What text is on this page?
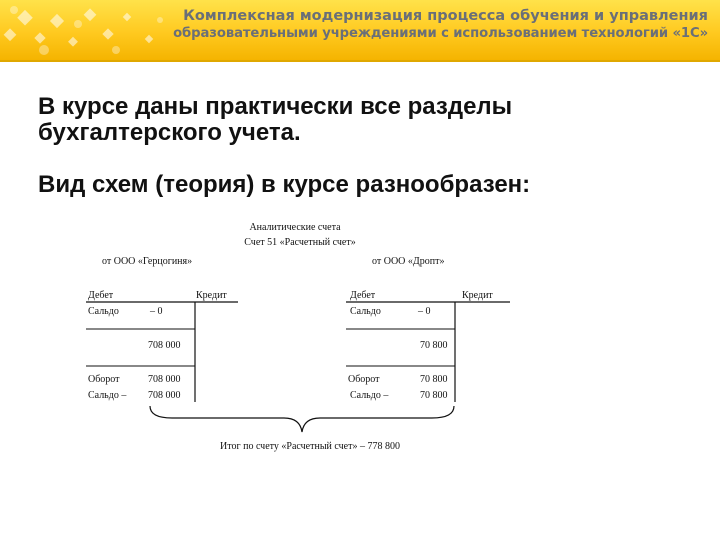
Комплексная модернизация процесса обучения и управления
образовательными учреждениями с использованием технологий «1С»
В курсе даны практически все разделы
бухгалтерского учета.
Вид схем (теория) в курсе разнообразен:
Аналитические счета
Счет 51 «Расчетный счет»
от ООО «Герцогиня»
Дебет	Кредит
Сальдо	– 0
708 000
Оборот	708 000
Сальдо – 708 000
от ООО «Дропт»
Дебет	Кредит
Сальдо	– 0
70 800
Оборот	70 800
Сальдо –	70 800
Итог по счету «Расчетный счет» – 778 800
